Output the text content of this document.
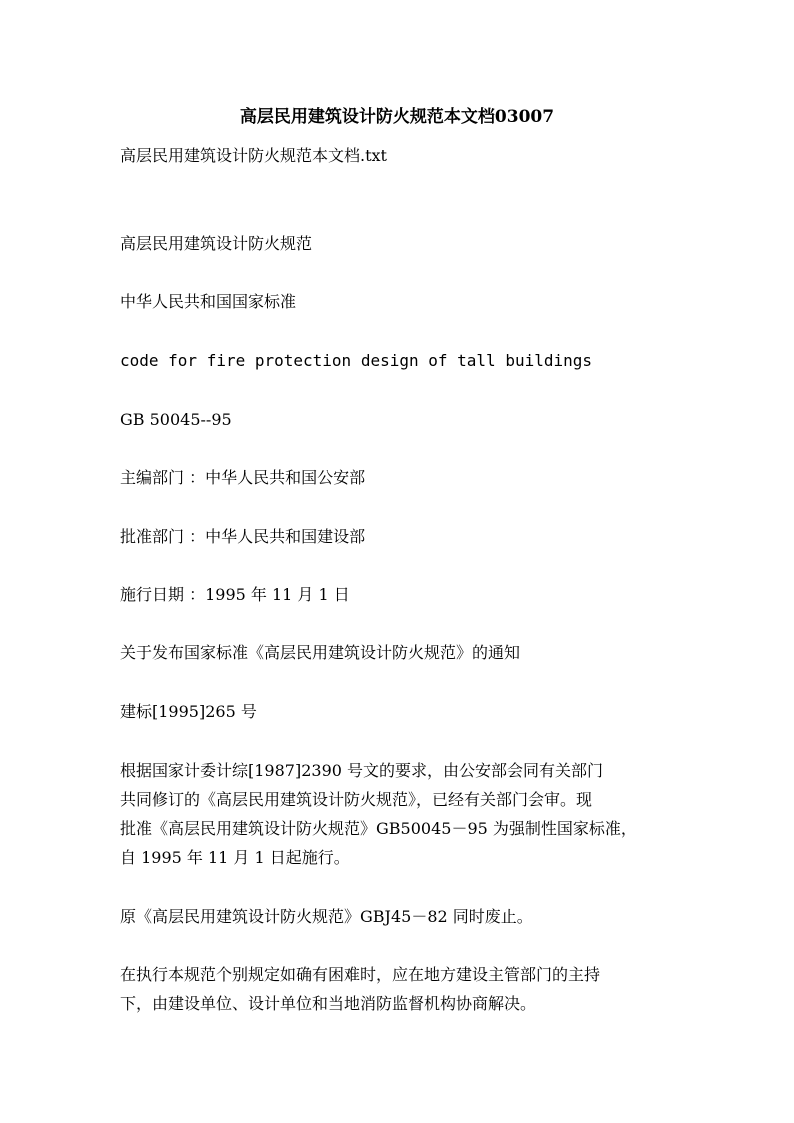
高层民用建筑设计防火规范本文档03007
高层民用建筑设计防火规范本文档.txt
高层民用建筑设计防火规范
中华人民共和国国家标准
code for fire protection design of tall buildings
GB 50045--95
主编部门 ：中华人民共和国公安部
批准部门 ：中华人民共和国建设部
施行日期 ：1995 年 11 月 1 日
关于发布国家标准《高层民用建筑设计防火规范》的通知
建标[1995]265 号
根据国家计委计综[1987]2390 号文的要求，由公安部会同有关部门
共同修订的《高层民用建筑设计防火规范》，已经有关部门会审。现
批准《高层民用建筑设计防火规范》GB50045－95 为强制性国家标准，
自 1995 年 11 月 1 日起施行。
原《高层民用建筑设计防火规范》GBJ45－82 同时废止。
在执行本规范个别规定如确有困难时，应在地方建设主管部门的主持
下，由建设单位、设计单位和当地消防监督机构协商解决。
